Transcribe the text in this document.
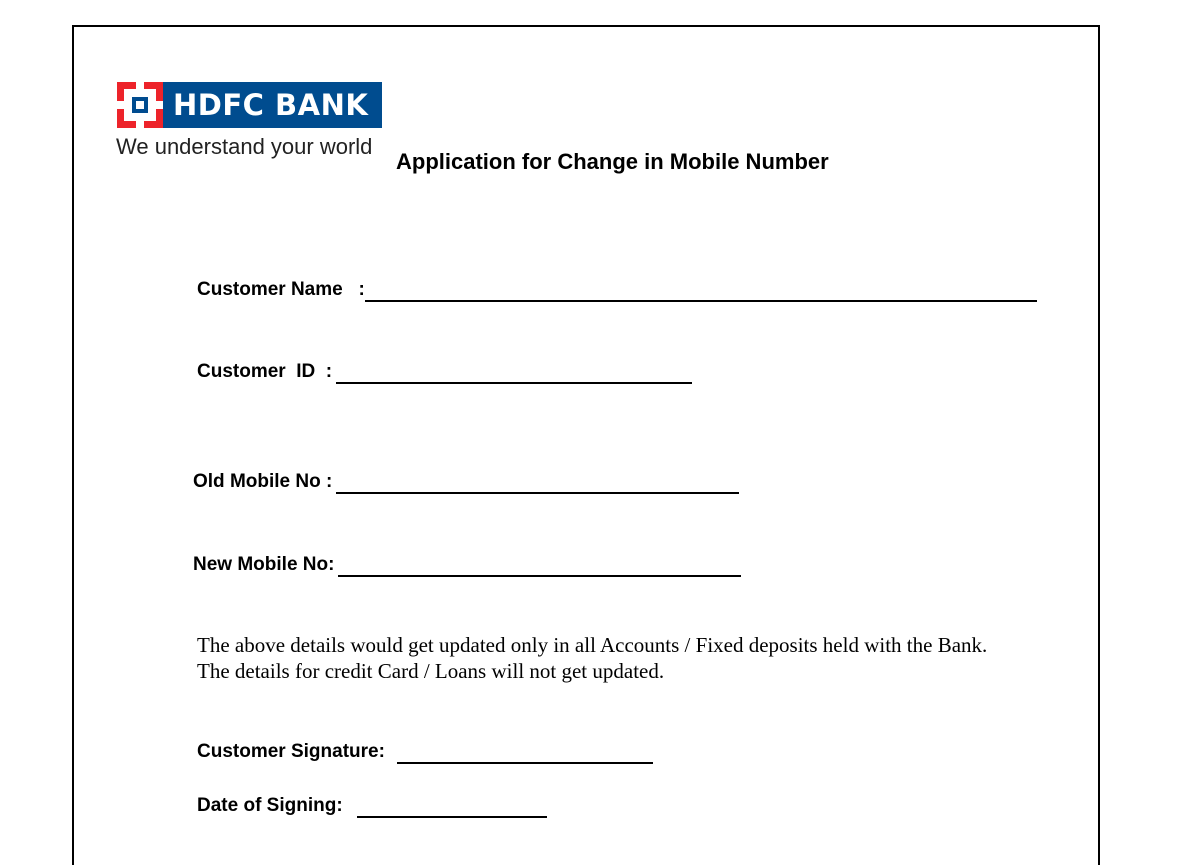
HDFC BANK
We understand your world
Application for Change in Mobile Number
Customer Name   :
Customer  ID  :
Old Mobile No :
New Mobile No:
The above details would get updated only in all Accounts / Fixed deposits held with the Bank. The details for credit Card / Loans will not get updated.
Customer Signature:
Date of Signing:
